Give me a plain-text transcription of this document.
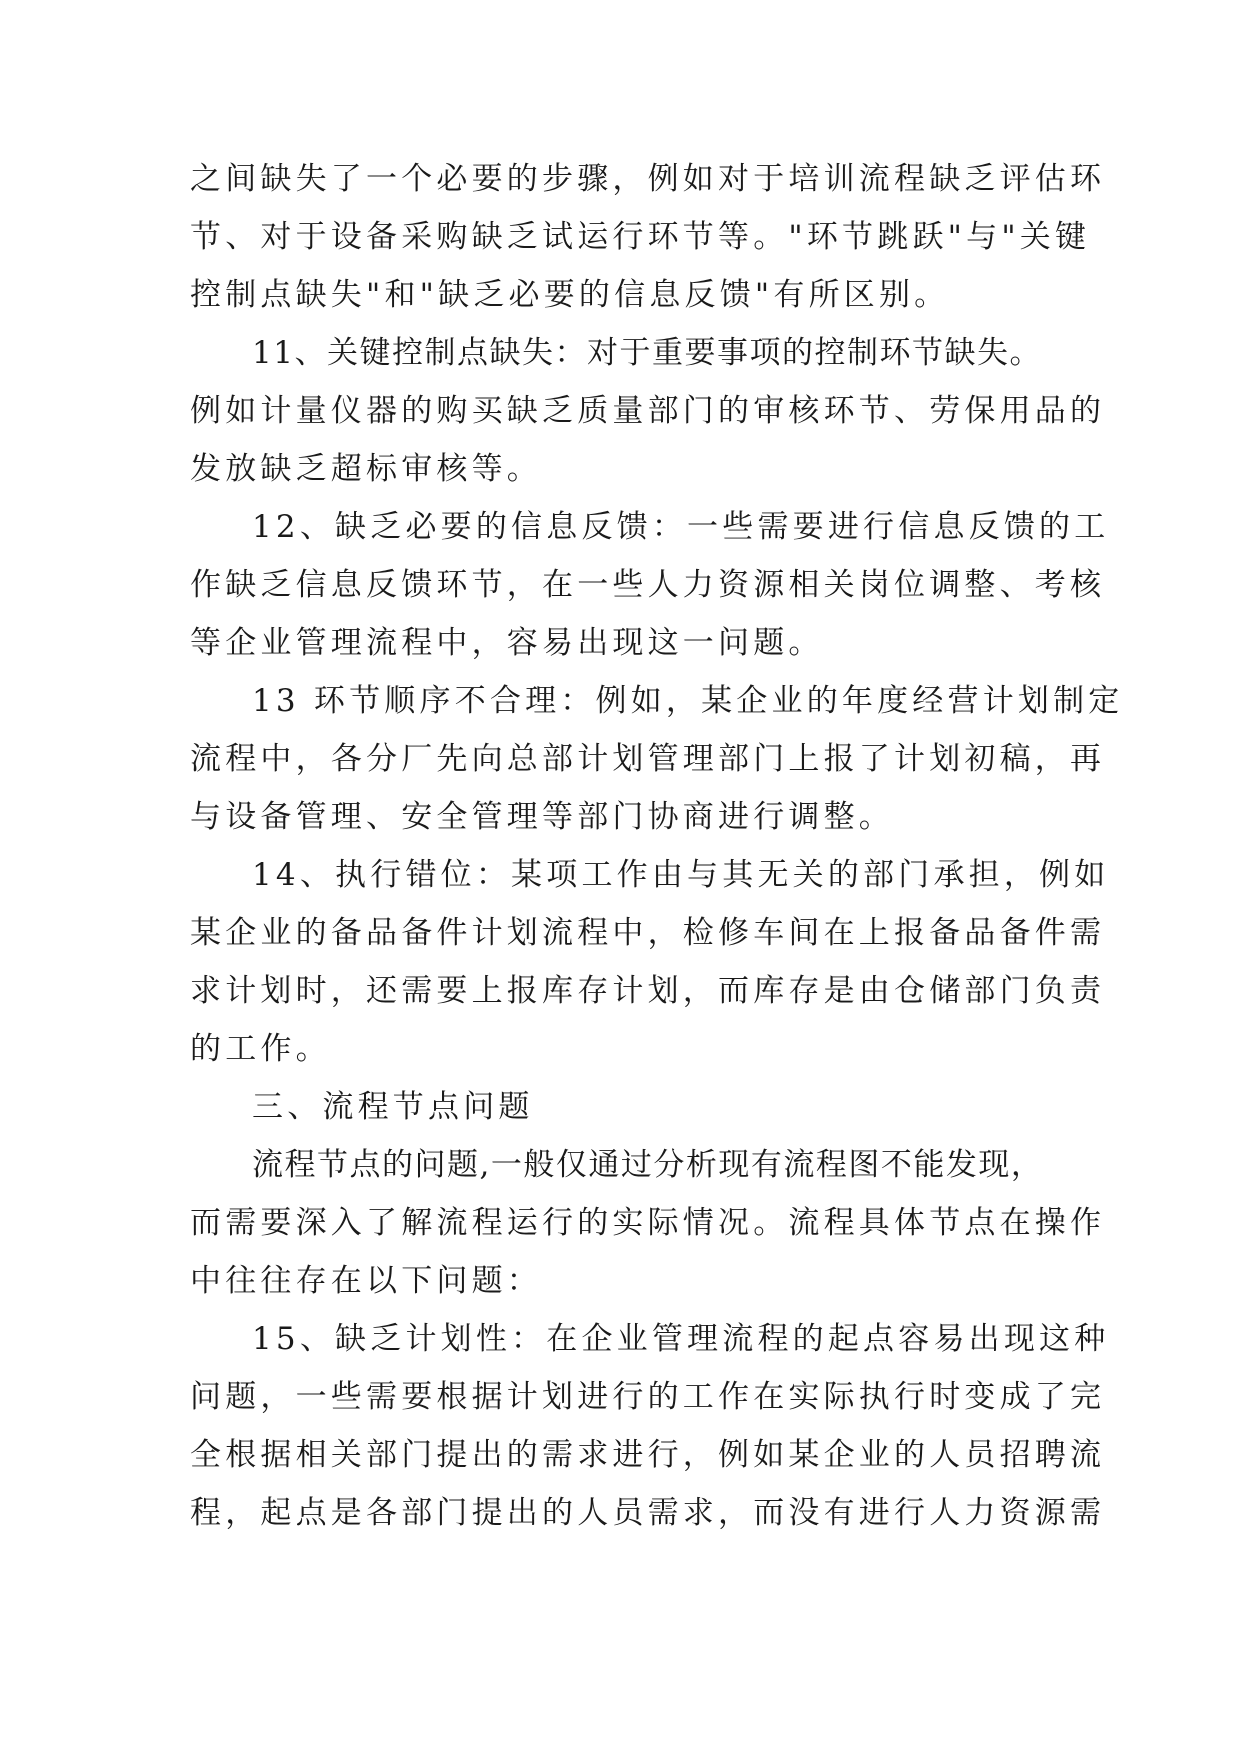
之间缺失了一个必要的步骤，例如对于培训流程缺乏评估环
节、对于设备采购缺乏试运行环节等。"环节跳跃"与"关键
控制点缺失"和"缺乏必要的信息反馈"有所区别。
11、关键控制点缺失：对于重要事项的控制环节缺失。
例如计量仪器的购买缺乏质量部门的审核环节、劳保用品的
发放缺乏超标审核等。
12、缺乏必要的信息反馈：一些需要进行信息反馈的工
作缺乏信息反馈环节，在一些人力资源相关岗位调整、考核
等企业管理流程中，容易出现这一问题。
13 环节顺序不合理：例如，某企业的年度经营计划制定
流程中，各分厂先向总部计划管理部门上报了计划初稿，再
与设备管理、安全管理等部门协商进行调整。
14、执行错位：某项工作由与其无关的部门承担，例如
某企业的备品备件计划流程中，检修车间在上报备品备件需
求计划时，还需要上报库存计划，而库存是由仓储部门负责
的工作。
三、流程节点问题
流程节点的问题,一般仅通过分析现有流程图不能发现，
而需要深入了解流程运行的实际情况。流程具体节点在操作
中往往存在以下问题：
15、缺乏计划性：在企业管理流程的起点容易出现这种
问题，一些需要根据计划进行的工作在实际执行时变成了完
全根据相关部门提出的需求进行，例如某企业的人员招聘流
程，起点是各部门提出的人员需求，而没有进行人力资源需
